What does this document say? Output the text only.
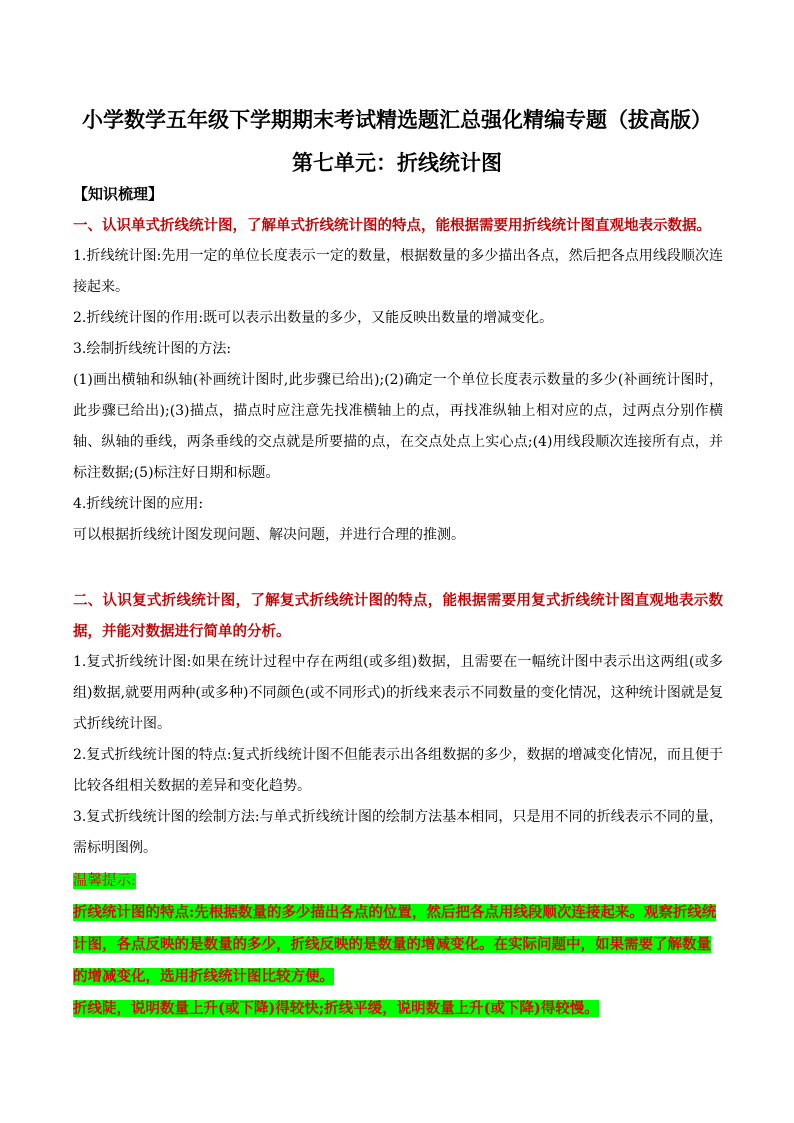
小学数学五年级下学期期末考试精选题汇总强化精编专题（拔高版）
第七单元：折线统计图
【知识梳理】
一、认识单式折线统计图，了解单式折线统计图的特点，能根据需要用折线统计图直观地表示数据。
1.折线统计图:先用一定的单位长度表示一定的数量，根据数量的多少描出各点，然后把各点用线段顺次连接起来。
2.折线统计图的作用:既可以表示出数量的多少，又能反映出数量的增减变化。
3.绘制折线统计图的方法:
(1)画出横轴和纵轴(补画统计图时,此步骤已给出);(2)确定一个单位长度表示数量的多少(补画统计图时，此步骤已给出);(3)描点，描点时应注意先找准横轴上的点，再找准纵轴上相对应的点，过两点分别作横轴、纵轴的垂线，两条垂线的交点就是所要描的点，在交点处点上实心点;(4)用线段顺次连接所有点，并标注数据;(5)标注好日期和标题。
4.折线统计图的应用:
可以根据折线统计图发现问题、解决问题，并进行合理的推测。
二、认识复式折线统计图，了解复式折线统计图的特点，能根据需要用复式折线统计图直观地表示数据，并能对数据进行简单的分析。
1.复式折线统计图:如果在统计过程中存在两组(或多组)数据，且需要在一幅统计图中表示出这两组(或多组)数据,就要用两种(或多种)不同颜色(或不同形式)的折线来表示不同数量的变化情况，这种统计图就是复式折线统计图。
2.复式折线统计图的特点:复式折线统计图不但能表示出各组数据的多少，数据的增减变化情况，而且便于比较各组相关数据的差异和变化趋势。
3.复式折线统计图的绘制方法:与单式折线统计图的绘制方法基本相同，只是用不同的折线表示不同的量，需标明图例。
温馨提示:
折线统计图的特点:先根据数量的多少描出各点的位置，然后把各点用线段顺次连接起来。观察折线统计图，各点反映的是数量的多少，折线反映的是数量的增减变化。在实际问题中，如果需要了解数量的增减变化，选用折线统计图比较方便。
折线陡，说明数量上升(或下降)得较快;折线平缓，说明数量上升(或下降)得较慢。
